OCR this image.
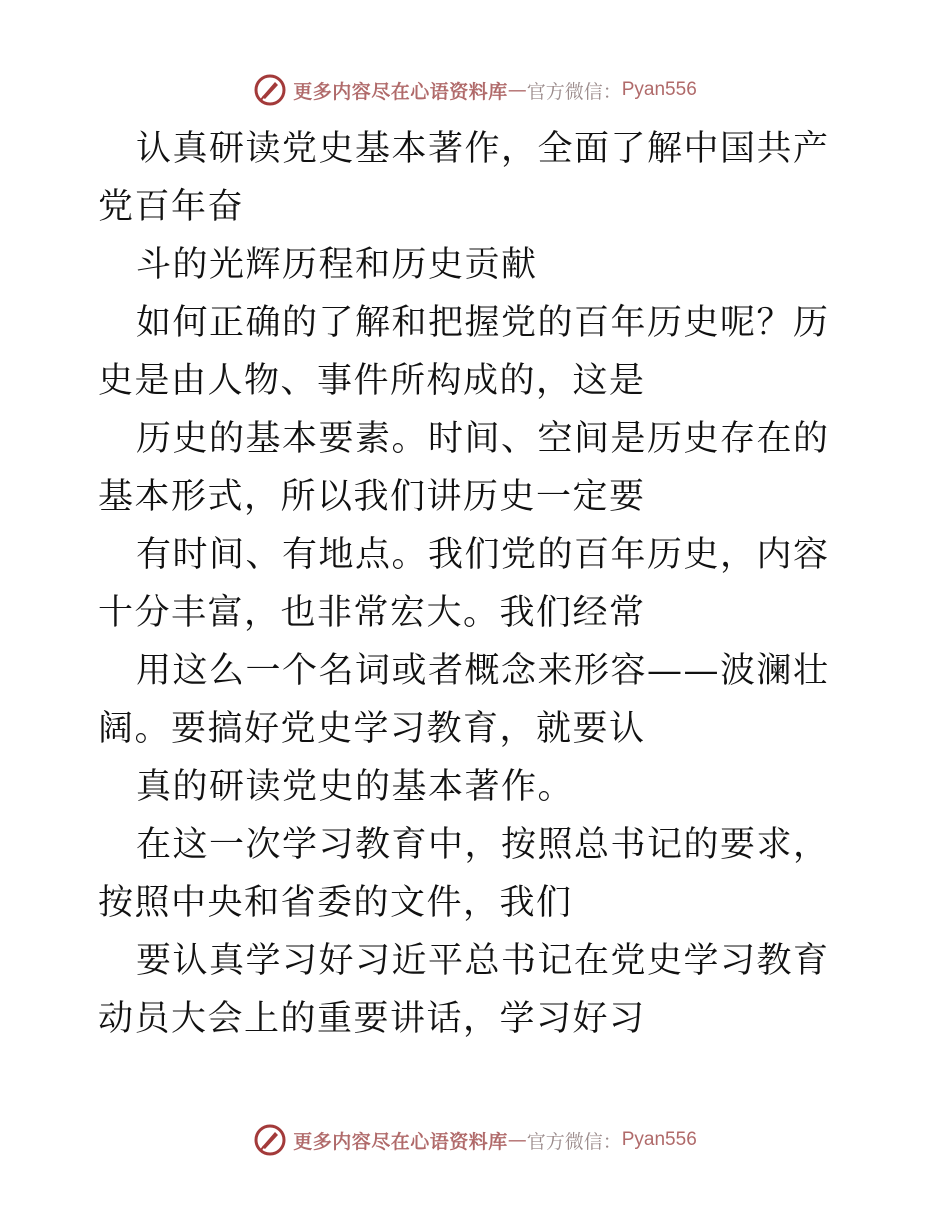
更多内容尽在心语资料库 — 官方微信： Pyan556

认真研读党史基本著作，全面了解中国共产党百年奋

斗的光辉历程和历史贡献

如何正确的了解和把握党的百年历史呢？历史是由人物、事件所构成的，这是

历史的基本要素。时间、空间是历史存在的基本形式，所以我们讲历史一定要

有时间、有地点。我们党的百年历史，内容十分丰富，也非常宏大。我们经常

用这么一个名词或者概念来形容——波澜壮阔。要搞好党史学习教育，就要认

真的研读党史的基本著作。

在这一次学习教育中，按照总书记的要求，按照中央和省委的文件，我们

要认真学习好习近平总书记在党史学习教育动员大会上的重要讲话，学习好习

更多内容尽在心语资料库 — 官方微信： Pyan556
